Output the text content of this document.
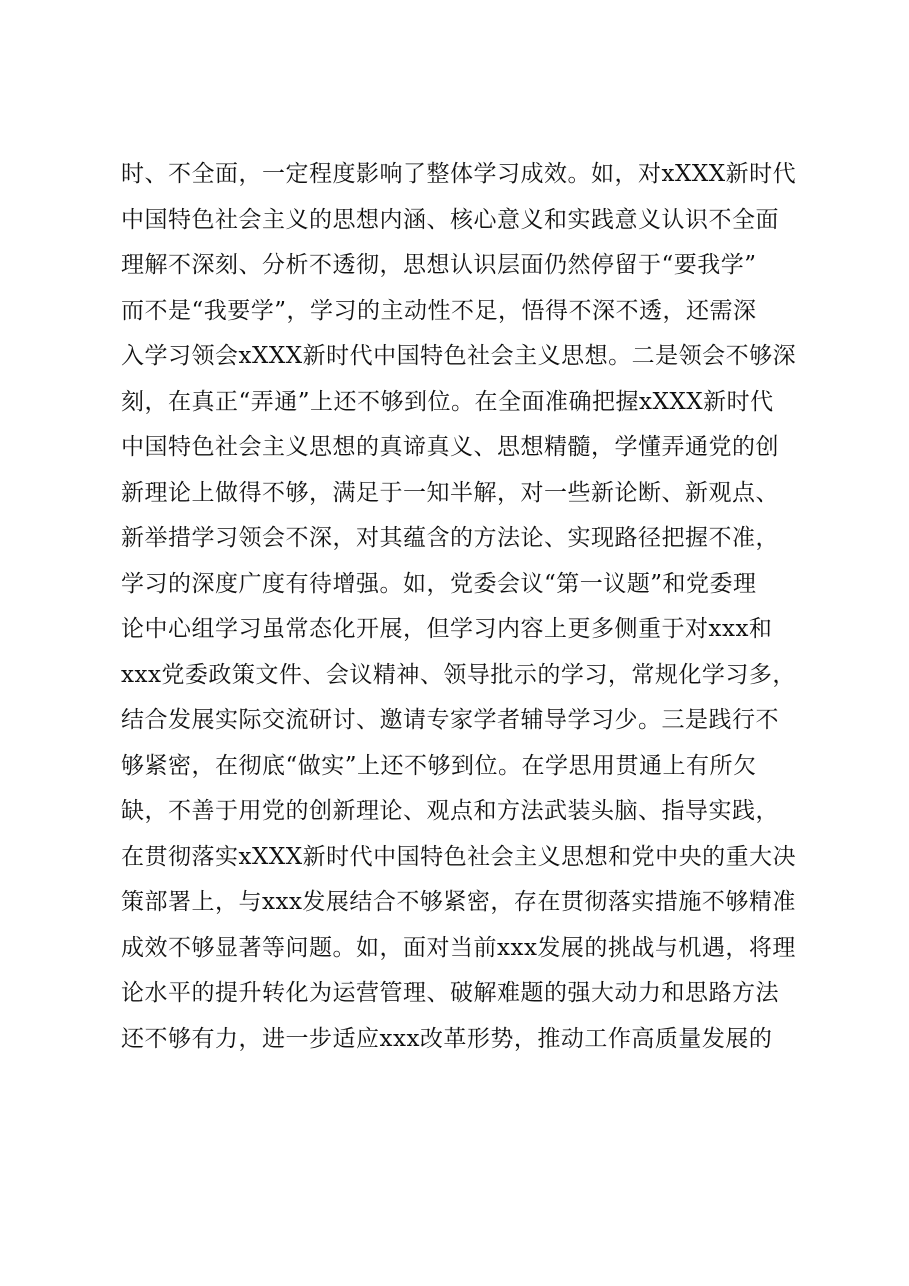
时、不全面，一定程度影响了整体学习成效。如，对xXXX新时代
中国特色社会主义的思想内涵、核心意义和实践意义认识不全面
理解不深刻、分析不透彻，思想认识层面仍然停留于“要我学”
而不是“我要学”，学习的主动性不足，悟得不深不透，还需深
入学习领会xXXX新时代中国特色社会主义思想。二是领会不够深
刻，在真正“弄通”上还不够到位。在全面准确把握xXXX新时代
中国特色社会主义思想的真谛真义、思想精髓，学懂弄通党的创
新理论上做得不够，满足于一知半解，对一些新论断、新观点、
新举措学习领会不深，对其蕴含的方法论、实现路径把握不准，
学习的深度广度有待增强。如，党委会议“第一议题”和党委理
论中心组学习虽常态化开展，但学习内容上更多侧重于对xxx和
xxx党委政策文件、会议精神、领导批示的学习，常规化学习多，
结合发展实际交流研讨、邀请专家学者辅导学习少。三是践行不
够紧密，在彻底“做实”上还不够到位。在学思用贯通上有所欠
缺，不善于用党的创新理论、观点和方法武装头脑、指导实践，
在贯彻落实xXXX新时代中国特色社会主义思想和党中央的重大决
策部署上，与xxx发展结合不够紧密，存在贯彻落实措施不够精准
成效不够显著等问题。如，面对当前xxx发展的挑战与机遇，将理
论水平的提升转化为运营管理、破解难题的强大动力和思路方法
还不够有力，进一步适应xxx改革形势，推动工作高质量发展的
